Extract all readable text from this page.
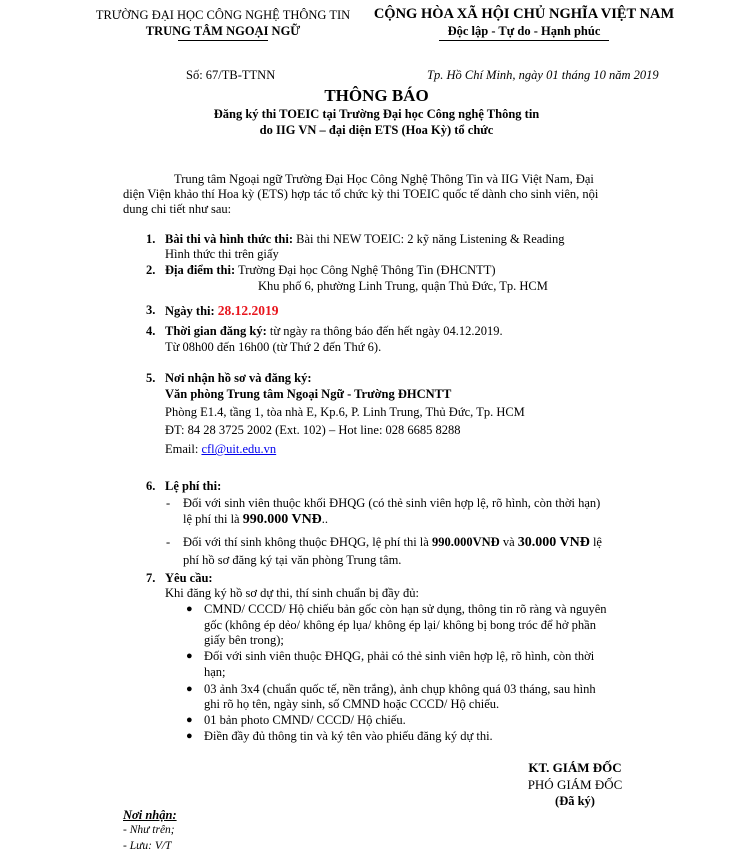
TRƯỜNG ĐẠI HỌC CÔNG NGHỆ THÔNG TIN
TRUNG TÂM NGOẠI NGỮ
CỘNG HÒA XÃ HỘI CHỦ NGHĨA VIỆT NAM
Độc lập - Tự do - Hạnh phúc
Số: 67/TB-TTNN	Tp. Hồ Chí Minh, ngày 01 tháng 10 năm 2019
THÔNG BÁO
Đăng ký thi TOEIC tại Trường Đại học Công nghệ Thông tin
do IIG VN – đại diện ETS (Hoa Kỳ) tổ chức
Trung tâm Ngoại ngữ Trường Đại Học Công Nghệ Thông Tin và IIG Việt Nam, Đại
diện Viện khảo thí Hoa kỳ (ETS) hợp tác tổ chức kỳ thi TOEIC quốc tế dành cho sinh viên, nội
dung chi tiết như sau:
1. Bài thi và hình thức thi: Bài thi NEW TOEIC: 2 kỹ năng Listening & Reading
Hình thức thi trên giấy
2. Địa điểm thi: Trường Đại học Công Nghệ Thông Tin (ĐHCNTT)
Khu phố 6, phường Linh Trung, quận Thủ Đức, Tp. HCM
3. Ngày thi: 28.12.2019
4. Thời gian đăng ký: từ ngày ra thông báo đến hết ngày 04.12.2019.
Từ 08h00 đến 16h00 (từ Thứ 2 đến Thứ 6).
5. Nơi nhận hồ sơ và đăng ký:
Văn phòng Trung tâm Ngoại Ngữ - Trường ĐHCNTT
Phòng E1.4, tầng 1, tòa nhà E, Kp.6, P. Linh Trung, Thủ Đức, Tp. HCM
ĐT: 84 28 3725 2002 (Ext. 102) – Hot line: 028 6685 8288
Email: cfl@uit.edu.vn
6. Lệ phí thi:
- Đối với sinh viên thuộc khối ĐHQG (có thẻ sinh viên hợp lệ, rõ hình, còn thời hạn)
lệ phí thi là 990.000 VNĐ..
- Đối với thí sinh không thuộc ĐHQG, lệ phí thi là 990.000VNĐ và 30.000 VNĐ lệ
phí hồ sơ đăng ký tại văn phòng Trung tâm.
7. Yêu cầu:
Khi đăng ký hồ sơ dự thi, thí sinh chuẩn bị đầy đủ:
● CMND/ CCCD/ Hộ chiếu bản gốc còn hạn sử dụng, thông tin rõ ràng và nguyên
gốc (không ép dẻo/ không ép lụa/ không ép lại/ không bị bong tróc để hở phần
giấy bên trong);
● Đối với sinh viên thuộc ĐHQG, phải có thẻ sinh viên hợp lệ, rõ hình, còn thời
hạn;
● 03 ảnh 3x4 (chuẩn quốc tế, nền trắng), ảnh chụp không quá 03 tháng, sau hình
ghi rõ họ tên, ngày sinh, số CMND hoặc CCCD/ Hộ chiếu.
● 01 bản photo CMND/ CCCD/ Hộ chiếu.
● Điền đầy đủ thông tin và ký tên vào phiếu đăng ký dự thi.
KT. GIÁM ĐỐC
PHÓ GIÁM ĐỐC
(Đã ký)
Nơi nhận:
- Như trên;
- Lưu: V/T
